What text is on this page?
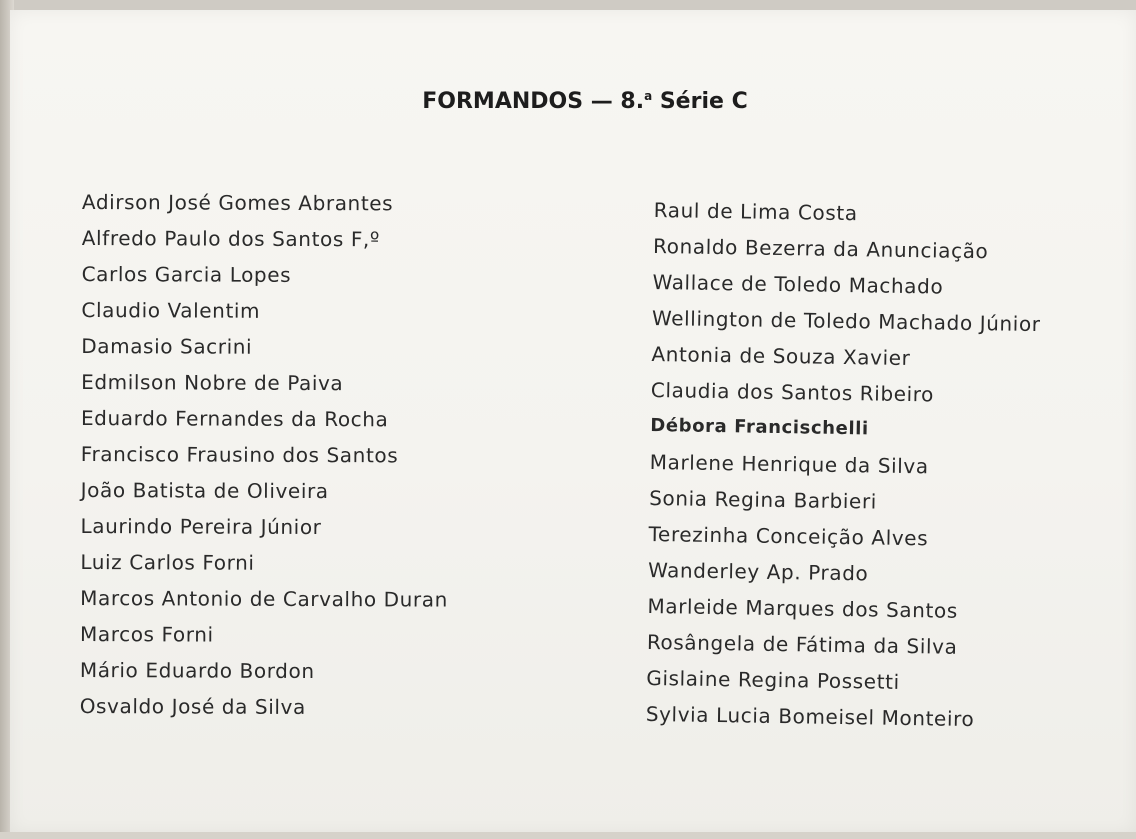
FORMANDOS — 8.$^a$ Série C
Adirson José Gomes Abrantes
Alfredo Paulo dos Santos F,º
Carlos Garcia Lopes
Claudio Valentim
Damasio Sacrini
Edmilson Nobre de Paiva
Eduardo Fernandes da Rocha
Francisco Frausino dos Santos
João Batista de Oliveira
Laurindo Pereira Júnior
Luiz Carlos Forni
Marcos Antonio de Carvalho Duran
Marcos Forni
Mário Eduardo Bordon
Osvaldo José da Silva
Raul de Lima Costa
Ronaldo Bezerra da Anunciação
Wallace de Toledo Machado
Wellington de Toledo Machado Júnior
Antonia de Souza Xavier
Claudia dos Santos Ribeiro
Débora Francischelli
Marlene Henrique da Silva
Sonia Regina Barbieri
Terezinha Conceição Alves
Wanderley Ap. Prado
Marleide Marques dos Santos
Rosângela de Fátima da Silva
Gislaine Regina Possetti
Sylvia Lucia Bomeisel Monteiro
